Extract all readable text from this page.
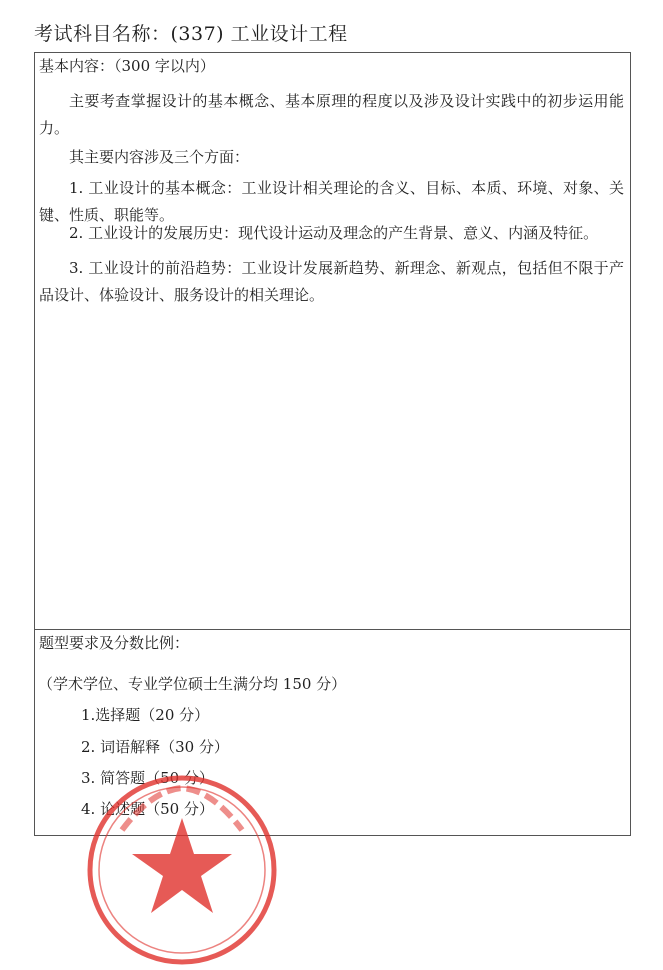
考试科目名称：(337) 工业设计工程
基本内容：（300 字以内）
主要考查掌握设计的基本概念、基本原理的程度以及涉及设计实践中的初步运用能力。
其主要内容涉及三个方面：
1. 工业设计的基本概念：工业设计相关理论的含义、目标、本质、环境、对象、关键、性质、职能等。
2. 工业设计的发展历史：现代设计运动及理念的产生背景、意义、内涵及特征。
3. 工业设计的前沿趋势：工业设计发展新趋势、新理念、新观点，包括但不限于产品设计、体验设计、服务设计的相关理论。
题型要求及分数比例：
（学术学位、专业学位硕士生满分均 150 分）
1.选择题（20 分）
2. 词语解释（30 分）
3. 简答题（50 分）
4. 论述题（50 分）
